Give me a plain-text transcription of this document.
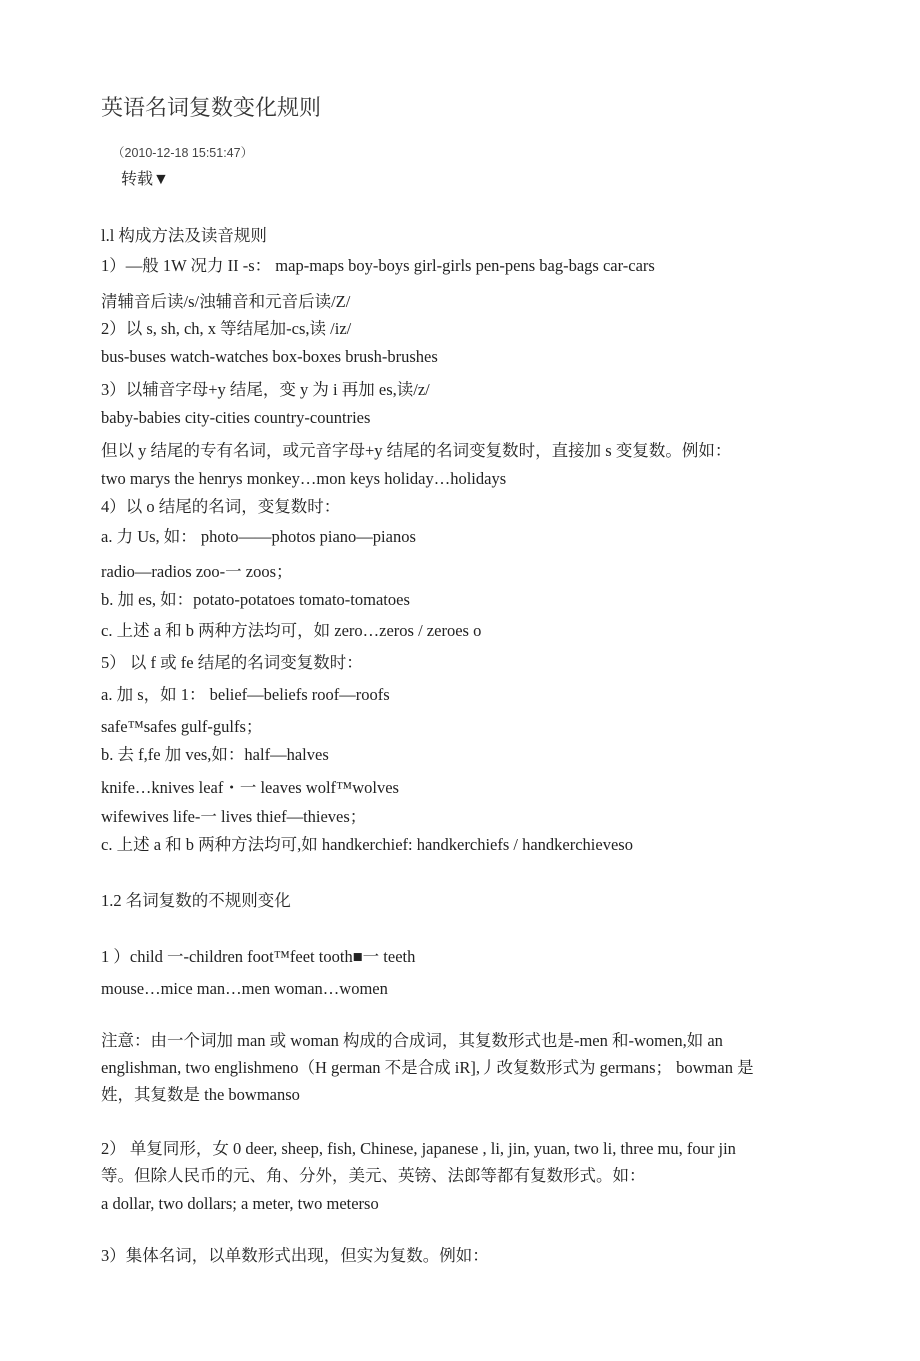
英语名词复数变化规则
（2010-12-18 15:51:47）
转载▼
l.l 构成方法及读音规则
1）—般 1W 况力 II -s： map-maps boy-boys girl-girls pen-pens bag-bags car-cars
清辅音后读/s/浊辅音和元音后读/Z/
2）以 s, sh, ch, x 等结尾加-cs,读 /iz/
bus-buses watch-watches box-boxes brush-brushes
3）以辅音字母+y 结尾，变 y 为 i 再加 es,读/z/
baby-babies city-cities country-countries
但以 y 结尾的专有名词，或元音字母+y 结尾的名词变复数时，直接加 s 变复数。例如：
two marys the henrys monkey…mon keys holiday…holidays
4）以 o 结尾的名词，变复数时：
a. 力 Us, 如： photo——photos piano—pianos
radio—radios zoo-一 zoos；
b. 加 es, 如：potato-potatoes tomato-tomatoes
c. 上述 a 和 b 两种方法均可，如 zero…zeros / zeroes o
5） 以 f 或 fe 结尾的名词变复数时：
a. 加 s，如 1： belief—beliefs roof—roofs
safe™safes gulf-gulfs；
b. 去 f,fe 加 ves,如：half—halves
knife…knives leaf・一 leaves wolf™wolves
wifewives life-一 lives thief—thieves；
c. 上述 a 和 b 两种方法均可,如 handkerchief: handkerchiefs / handkerchieveso
1.2 名词复数的不规则变化
1 ）child 一-children foot™feet tooth■一 teeth
mouse…mice man…men woman…women
注意：由一个词加 man 或 woman 构成的合成词，其复数形式也是-men 和-women,如 an
englishman, two englishmeno（H german 不是合成 iR],丿改复数形式为 germans； bowman 是
姓，其复数是 the bowmanso
2） 单复同形，女 0 deer, sheep, fish, Chinese, japanese , li, jin, yuan, two li, three mu, four jin
等。但除人民币的元、角、分外，美元、英镑、法郎等都有复数形式。如：
a dollar, two dollars; a meter, two meterso
3）集体名词，以单数形式出现，但实为复数。例如：
